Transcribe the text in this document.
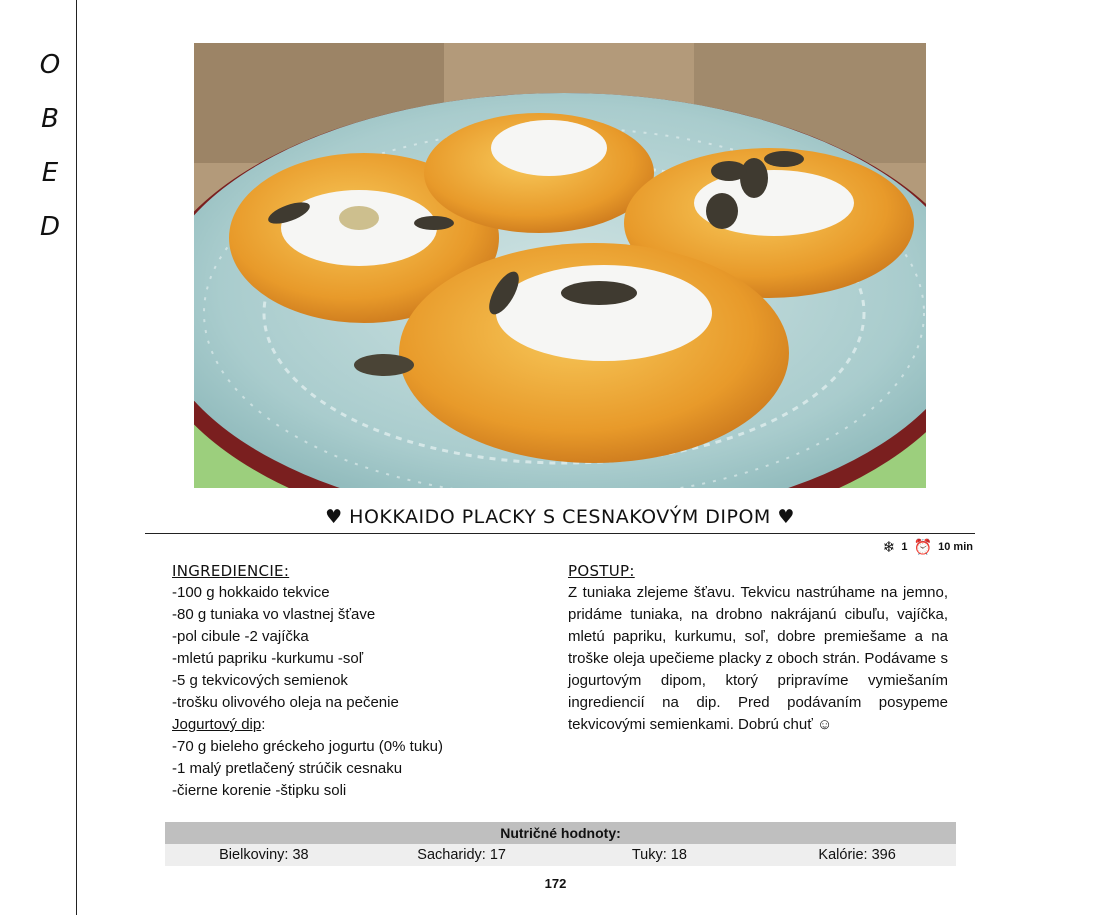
O
B
E
D
♥ HOKKAIDO PLACKY S CESNAKOVÝM DIPOM ♥
❄ 1 ⏰ 10 min
INGREDIENCIE:
-100 g hokkaido tekvice
-80 g tuniaka vo vlastnej šťave
-pol cibule -2 vajíčka
-mletú papriku -kurkumu -soľ
-5 g tekvicových semienok
-trošku olivového oleja na pečenie
Jogurtový dip:
-70 g bieleho gréckeho jogurtu (0% tuku)
-1 malý pretlačený strúčik cesnaku
-čierne korenie -štipku soli
POSTUP:
Z tuniaka zlejeme šťavu. Tekvicu nastrúhame na jemno, pridáme tuniaka, na drobno nakrájanú cibuľu, vajíčka, mletú papriku, kurkumu, soľ, dobre premiešame a na troške oleja upečieme placky z oboch strán. Podávame s jogurtovým dipom, ktorý pripravíme vymiešaním ingrediencií na dip. Pred podávaním posypeme tekvicovými semienkami. Dobrú chuť ☺
Nutričné hodnoty:
Bielkoviny: 38	Sacharidy: 17	Tuky: 18	Kalórie: 396
172
